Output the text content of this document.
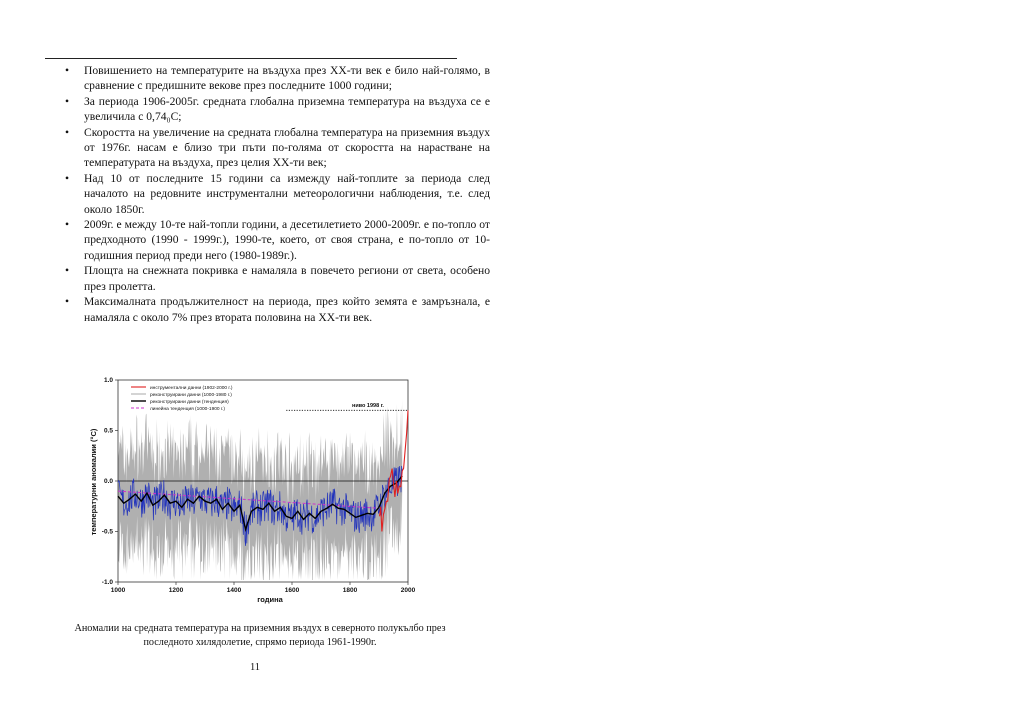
•	Повишението на температурите на въздуха през ХХ-ти век е било най-голямо, в сравнение с предишните векове през последните 1000 години;
•	За периода 1906-2005г. средната глобална приземна температура на въздуха се е увеличила с 0,74₀С;
•	Скоростта на увеличение на средната глобална температура на приземния въздух от 1976г. насам е близо три пъти по-голяма от скоростта на нарастване на температурата на въздуха, през целия ХХ-ти век;
•	Над 10 от последните 15 години са измежду най-топлите за периода след началото на редовните инструментални метеорологични наблюдения, т.е. след около 1850г.
•	2009г. е между 10-те най-топли години, а десетилетието 2000-2009г. е по-топло от предходното (1990 - 1999г.), 1990-те, което, от своя страна, е по-топло от 10-годишния период преди него (1980-1989г.).
•	Площта на снежната покривка е намаляла в повечето региони от света, особено през пролетта.
•	Максималната продължителност на периода, през който земята е замръзнала, е намаляла с около 7% през втората половина на ХХ-ти век.
1000	1200	1400	1600	1800	2000
1.0
0.5
0.0
-0.5
-1.0
температурни аномалии (°С)
година
инструментални данни (1902-2000 г.)
реконструирани данни (1000-1980 г.)
реконструирани данни (тенденция)
линейна тенденция (1000-1900 г.)
ниво 1998 г.
Аномалии на средната температура на приземния въздух в северното полукълбо през
последното хилядолетие, спрямо периода 1961-1990г.
11
